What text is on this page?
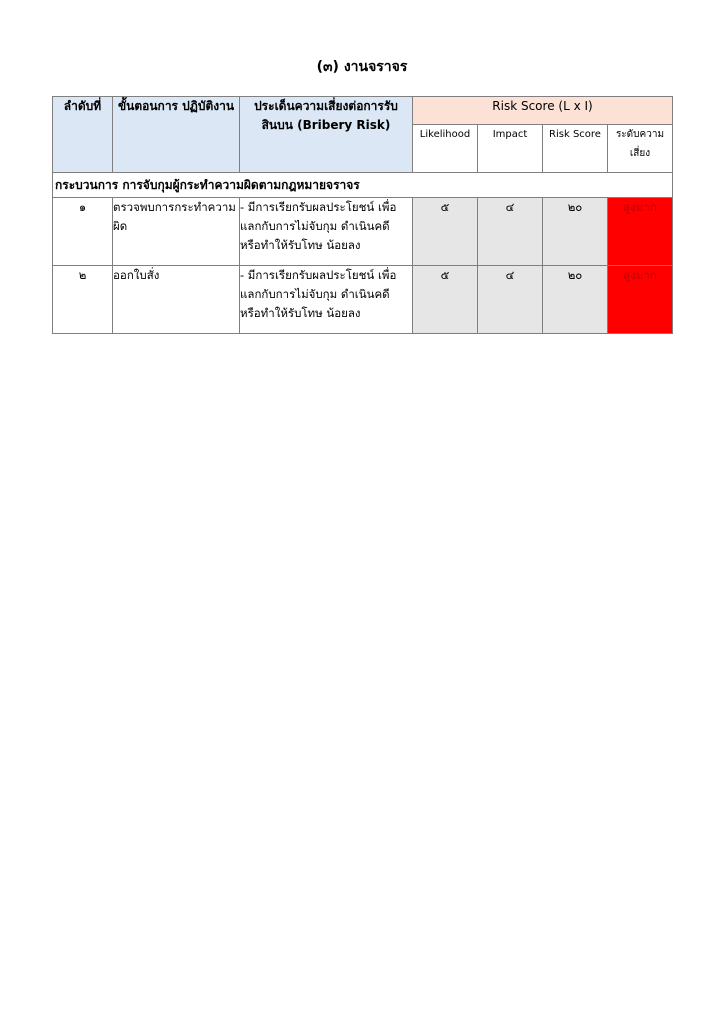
(๓) งานจราจร
ลำดับที่	ขั้นตอนการ ปฏิบัติงาน	ประเด็นความเสี่ยงต่อการรับ สินบน (Bribery Risk)	Risk Score (L x I)			
			Likelihood	Impact	Risk Score	ระดับความ เสี่ยง
กระบวนการ การจับกุมผู้กระทำความผิดตามกฎหมายจราจร						
๑	ตรวจพบการกระทำความผิด	- มีการเรียกรับผลประโยชน์ เพื่อแลกกับการไม่จับกุม ดำเนินคดี หรือทำให้รับโทษ น้อยลง	๕	๔	๒๐	สูงมาก
๒	ออกใบสั่ง	- มีการเรียกรับผลประโยชน์ เพื่อแลกกับการไม่จับกุม ดำเนินคดี หรือทำให้รับโทษ น้อยลง	๕	๔	๒๐	สูงมาก
